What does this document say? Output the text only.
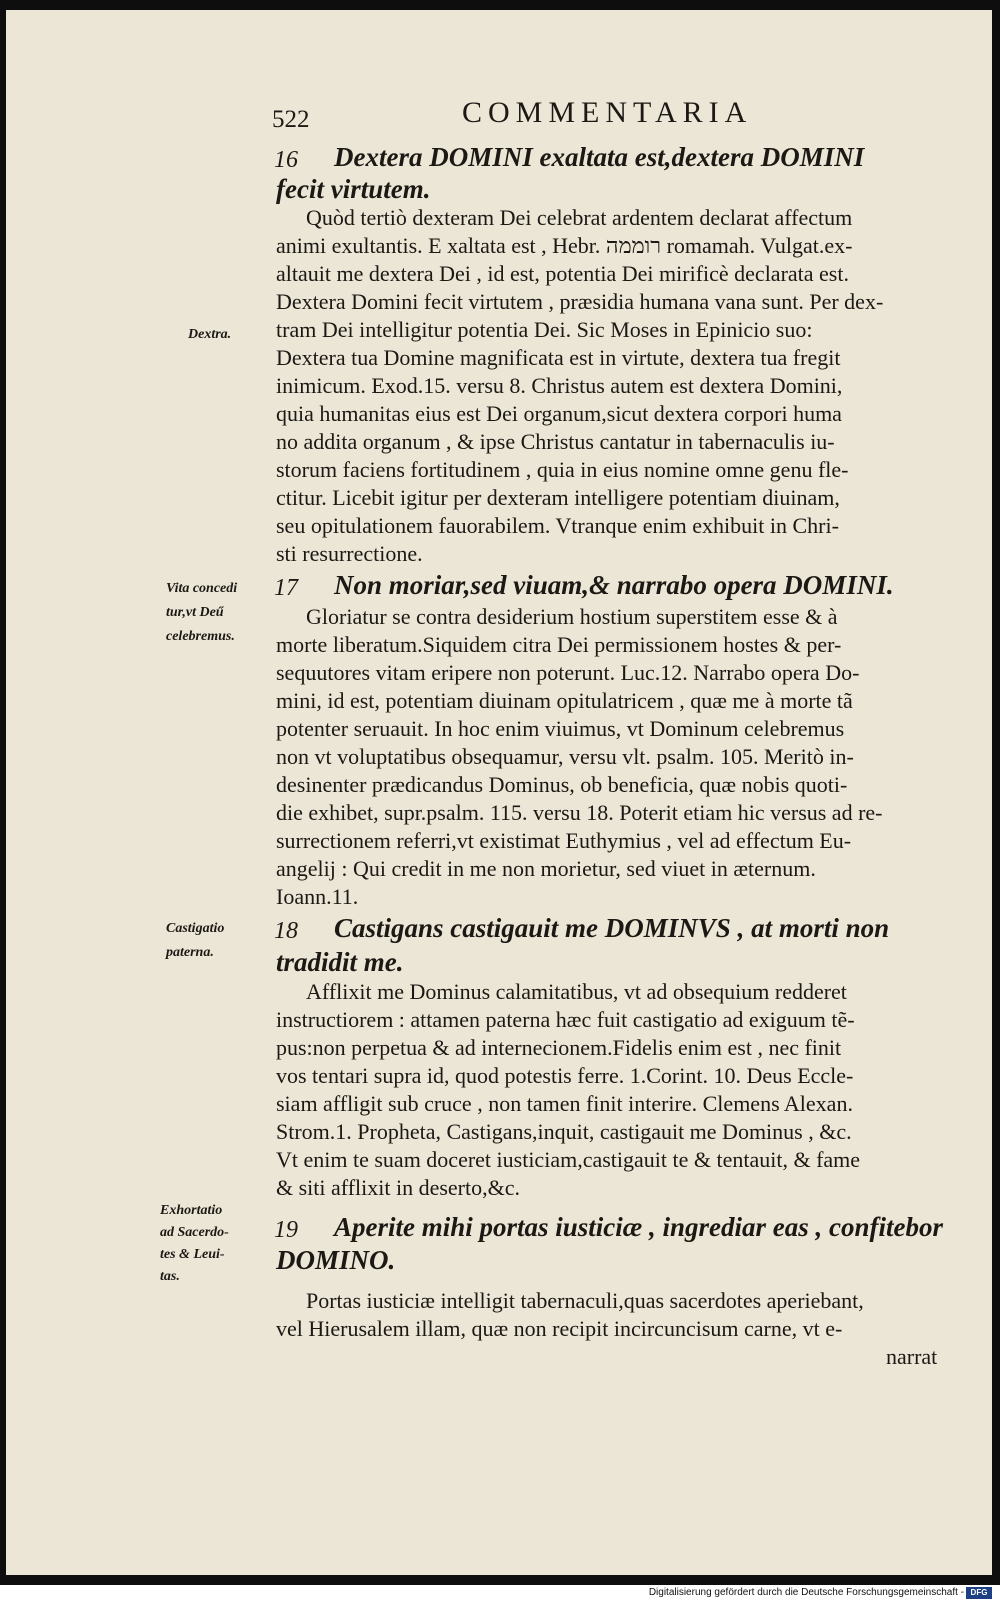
522	COMMENTARIA
16 Dextera DOMINI exaltata est,dextera DOMINI
fecit virtutem.
Dextra.
Quòd tertiò dexteram Dei celebrat ardentem declarat affectum
animi exultantis. E xaltata est , Hebr. רוממה romamah. Vulgat.ex-
altauit me dextera Dei , id est, potentia Dei mirificè declarata est.
Dextera Domini fecit virtutem , præsidia humana vana sunt. Per dex-
tram Dei intelligitur potentia Dei. Sic Moses in Epinicio suo:
Dextera tua Domine magnificata est in virtute, dextera tua fregit
inimicum. Exod.15. versu 8. Christus autem est dextera Domini,
quia humanitas eius est Dei organum,sicut dextera corpori huma
no addita organum , & ipse Christus cantatur in tabernaculis iu-
storum faciens fortitudinem , quia in eius nomine omne genu fle-
ctitur. Licebit igitur per dexteram intelligere potentiam diuinam,
seu opitulationem fauorabilem. Vtranque enim exhibuit in Chri-
sti resurrectione.
17 Non moriar,sed viuam,& narrabo opera DOMINI.
Vita concedi
tur,vt Deű
celebremus.
Gloriatur se contra desiderium hostium superstitem esse & à
morte liberatum.Siquidem citra Dei permissionem hostes & per-
sequutores vitam eripere non poterunt. Luc.12. Narrabo opera Do-
mini, id est, potentiam diuinam opitulatricem , quæ me à morte tã
potenter seruauit. In hoc enim viuimus, vt Dominum celebremus
non vt voluptatibus obsequamur, versu vlt. psalm. 105. Meritò in-
desinenter prædicandus Dominus, ob beneficia, quæ nobis quoti-
die exhibet, supr.psalm. 115. versu 18. Poterit etiam hic versus ad re-
surrectionem referri,vt existimat Euthymius , vel ad effectum Eu-
angelij : Qui credit in me non morietur, sed viuet in æternum.
Ioann.11.
18 Castigans castigauit me DOMINVS , at morti non
tradidit me.
Castigatio
paterna.
Afflixit me Dominus calamitatibus, vt ad obsequium redderet
instructiorem : attamen paterna hæc fuit castigatio ad exiguum tẽ-
pus:non perpetua & ad internecionem.Fidelis enim est , nec finit
vos tentari supra id, quod potestis ferre. 1.Corint. 10. Deus Eccle-
siam affligit sub cruce , non tamen finit interire. Clemens Alexan.
Strom.1. Propheta, Castigans,inquit, castigauit me Dominus , &c.
Vt enim te suam doceret iusticiam,castigauit te & tentauit, & fame
& siti afflixit in deserto,&c.
19 Aperite mihi portas iusticiæ , ingrediar eas , confitebor
DOMINO.
Exhortatio
ad Sacerdo-
tes & Leui-
tas.
Portas iusticiæ intelligit tabernaculi,quas sacerdotes aperiebant,
vel Hierusalem illam, quæ non recipit incircuncisum carne, vt e-
narrat
Digitalisierung gefördert durch die Deutsche Forschungsgemeinschaft - DFG
